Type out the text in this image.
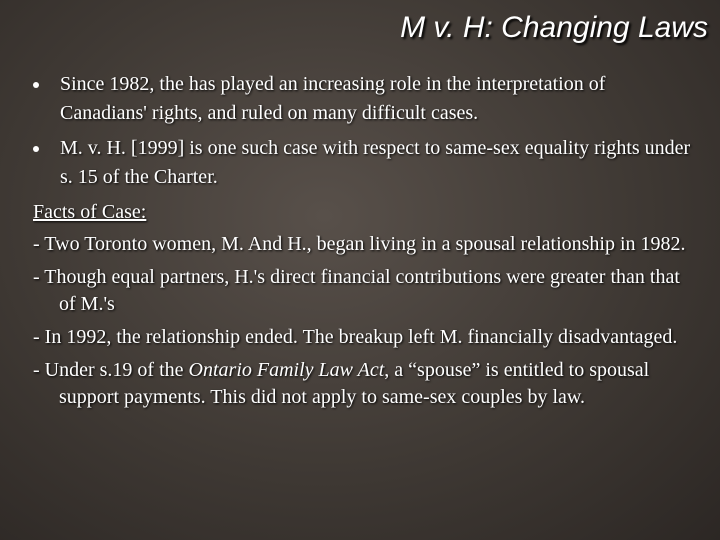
M v. H: Changing Laws
Since 1982, the has played an increasing role in the interpretation of Canadians' rights, and ruled on many difficult cases.
M. v. H. [1999] is one such case with respect to same-sex equality rights under s. 15 of the Charter.
Facts of Case:
- Two Toronto women, M. And H., began living in a spousal relationship in 1982.
- Though equal partners, H.'s direct financial contributions were greater than that of M.'s
- In 1992, the relationship ended. The breakup left M. financially disadvantaged.
- Under s.19 of the Ontario Family Law Act, a “spouse” is entitled to spousal support payments. This did not apply to same-sex couples by law.
